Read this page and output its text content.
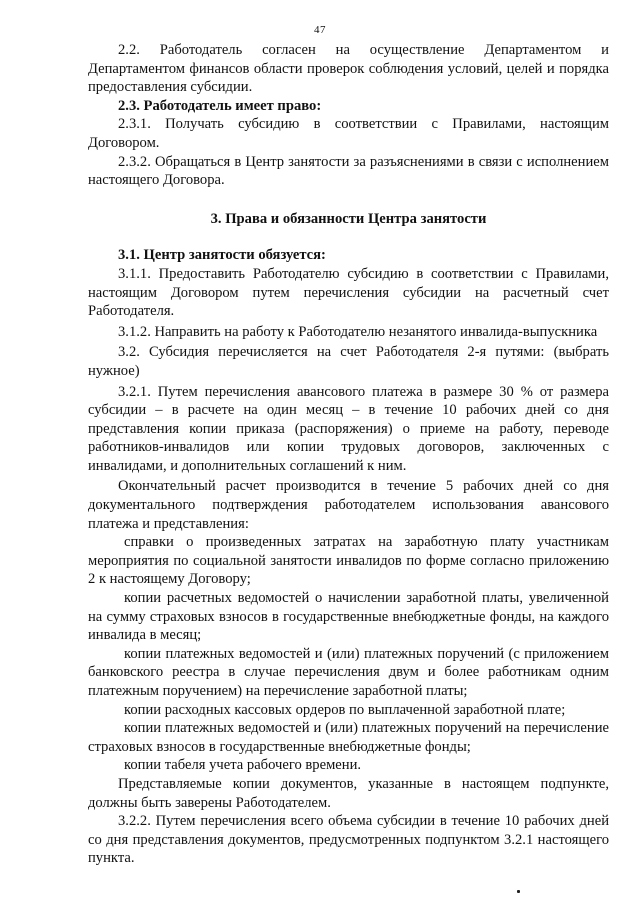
47

2.2. Работодатель согласен на осуществление Департаментом и Департаментом финансов области проверок соблюдения условий, целей и порядка предоставления субсидии.

2.3. Работодатель имеет право:

2.3.1. Получать субсидию в соответствии с Правилами, настоящим Договором.

2.3.2. Обращаться в Центр занятости за разъяснениями в связи с исполнением настоящего Договора.

3. Права и обязанности Центра занятости

3.1. Центр занятости обязуется:

3.1.1. Предоставить Работодателю субсидию в соответствии с Правилами, настоящим Договором путем перечисления субсидии на расчетный счет Работодателя.

3.1.2. Направить на работу к Работодателю незанятого инвалида-выпускника

3.2. Субсидия перечисляется на счет Работодателя 2-я путями: (выбрать нужное)

3.2.1. Путем перечисления авансового платежа в размере 30 % от размера субсидии – в расчете на один месяц – в течение 10 рабочих дней со дня представления копии приказа (распоряжения) о приеме на работу, переводе работников-инвалидов или копии трудовых договоров, заключенных с инвалидами, и дополнительных соглашений к ним.

Окончательный расчет производится в течение 5 рабочих дней со дня документального подтверждения работодателем использования авансового платежа и представления:

справки о произведенных затратах на заработную плату участникам мероприятия по социальной занятости инвалидов по форме согласно приложению 2 к настоящему Договору;

копии расчетных ведомостей о начислении заработной платы, увеличенной на сумму страховых взносов в государственные внебюджетные фонды, на каждого инвалида в месяц;

копии платежных ведомостей и (или) платежных поручений (с приложением банковского реестра в случае перечисления двум и более работникам одним платежным поручением) на перечисление заработной платы;

копии расходных кассовых ордеров по выплаченной заработной плате;

копии платежных ведомостей и (или) платежных поручений на перечисление страховых взносов в государственные внебюджетные фонды;

копии табеля учета рабочего времени.

Представляемые копии документов, указанные в настоящем подпункте, должны быть заверены Работодателем.

3.2.2. Путем перечисления всего объема субсидии в течение 10 рабочих дней со дня представления документов, предусмотренных подпунктом 3.2.1 настоящего пункта.
